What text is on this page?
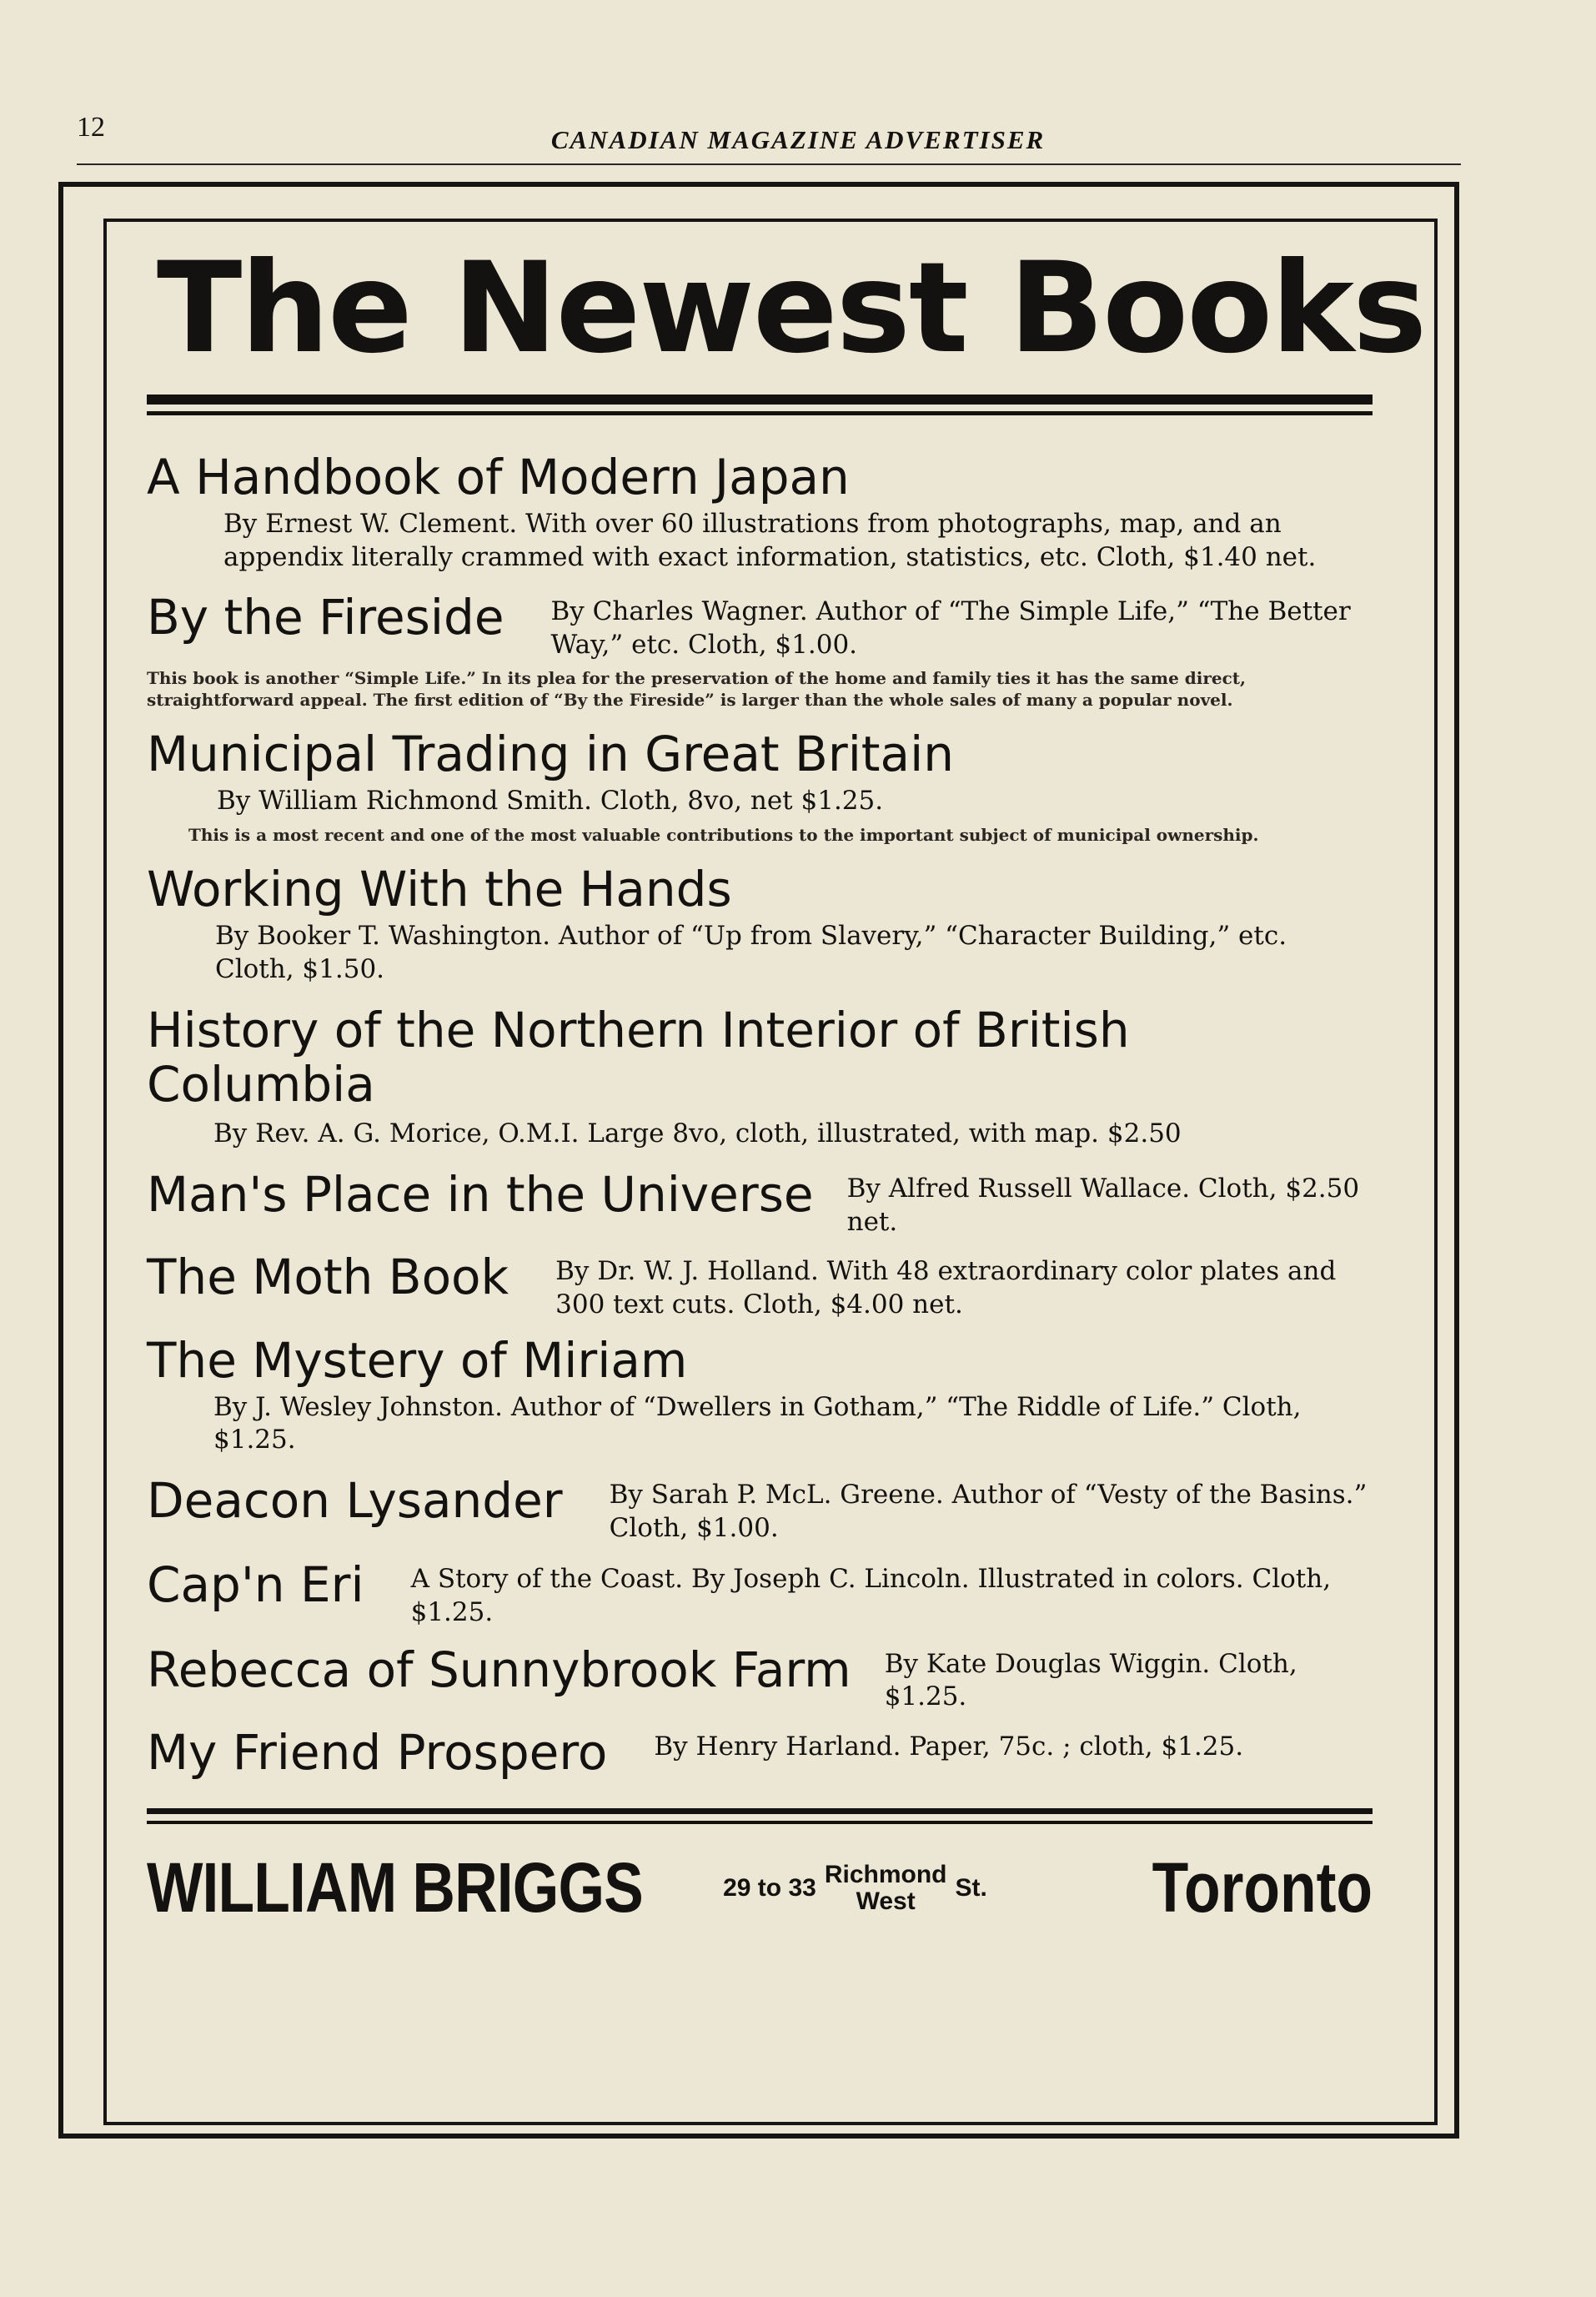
12	CANADIAN MAGAZINE ADVERTISER
The Newest Books
A Handbook of Modern Japan
By Ernest W. Clement. With over 60 illustrations from photographs, map, and an appendix literally crammed with exact information, statistics, etc. Cloth, $1.40 net.
By the Fireside By Charles Wagner. Author of “The Simple Life,” “The Better Way,” etc. Cloth, $1.00.
This book is another “Simple Life.” In its plea for the preservation of the home and family ties it has the same direct, straightforward appeal. The first edition of “By the Fireside” is larger than the whole sales of many a popular novel.
Municipal Trading in Great Britain
By William Richmond Smith. Cloth, 8vo, net $1.25.
This is a most recent and one of the most valuable contributions to the important subject of municipal ownership.
Working With the Hands
By Booker T. Washington. Author of “Up from Slavery,” “Character Building,” etc. Cloth, $1.50.
History of the Northern Interior of British Columbia
By Rev. A. G. Morice, O.M.I. Large 8vo, cloth, illustrated, with map. $2.50
Man's Place in the Universe By Alfred Russell Wallace. Cloth, $2.50 net.
The Moth Book By Dr. W. J. Holland. With 48 extraordinary color plates and 300 text cuts. Cloth, $4.00 net.
The Mystery of Miriam
By J. Wesley Johnston. Author of “Dwellers in Gotham,” “The Riddle of Life.” Cloth, $1.25.
Deacon Lysander By Sarah P. McL. Greene. Author of “Vesty of the Basins.” Cloth, $1.00.
Cap'n Eri A Story of the Coast. By Joseph C. Lincoln. Illustrated in colors. Cloth, $1.25.
Rebecca of Sunnybrook Farm By Kate Douglas Wiggin. Cloth, $1.25.
My Friend Prospero By Henry Harland. Paper, 75c. ; cloth, $1.25.
WILLIAM BRIGGS	29 to 33 Richmond
West St. Toronto
